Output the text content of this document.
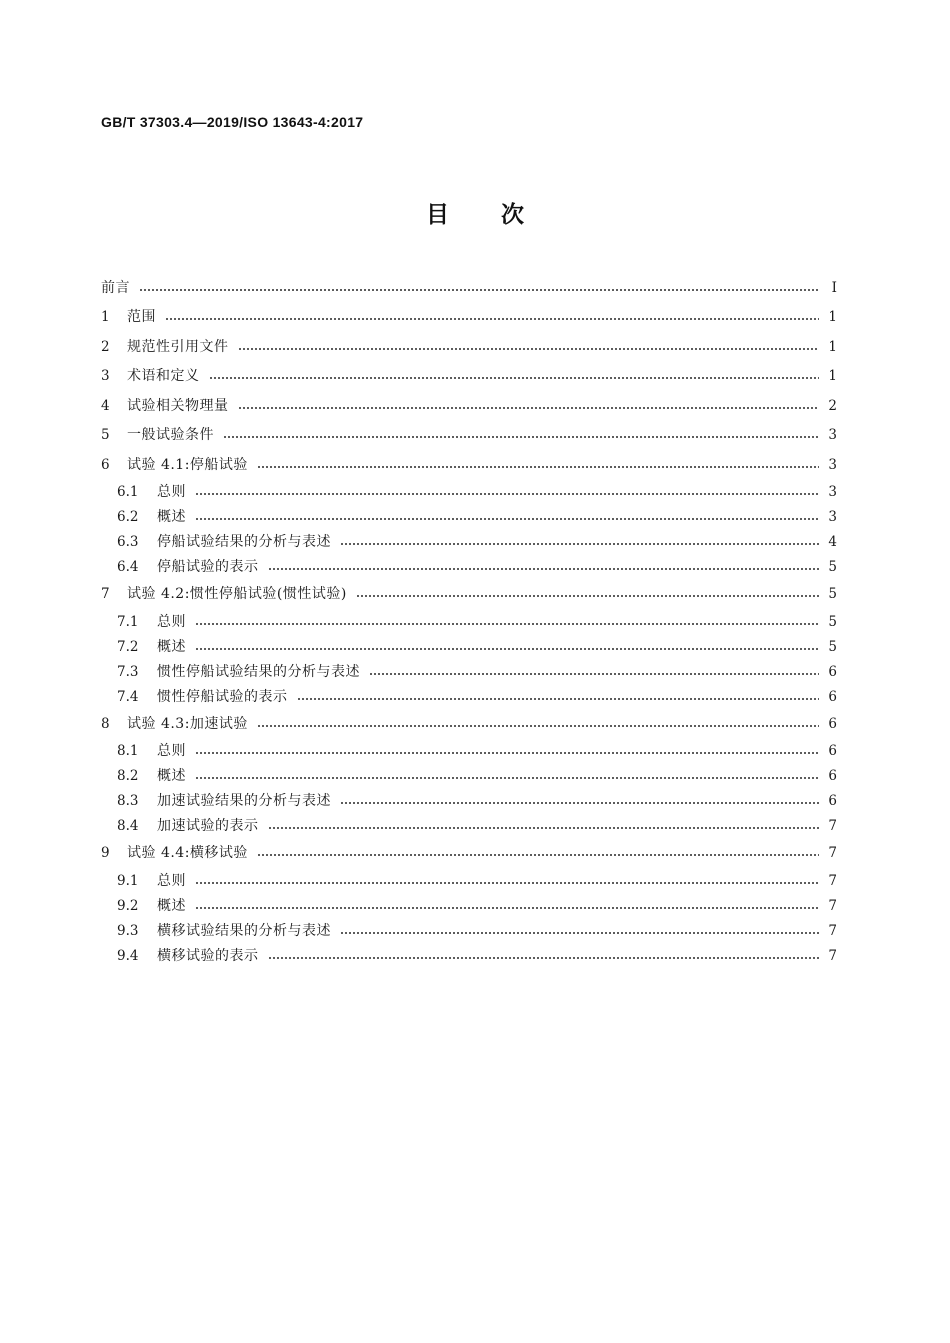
GB/T 37303.4—2019/ISO 13643-4:2017
目次
前言	Ⅰ
1	范围	1
2	规范性引用文件	1
3	术语和定义	1
4	试验相关物理量	2
5	一般试验条件	3
6	试验 4.1:停船试验	3
6.1	总则	3
6.2	概述	3
6.3	停船试验结果的分析与表述	4
6.4	停船试验的表示	5
7	试验 4.2:惯性停船试验(惯性试验)	5
7.1	总则	5
7.2	概述	5
7.3	惯性停船试验结果的分析与表述	6
7.4	惯性停船试验的表示	6
8	试验 4.3:加速试验	6
8.1	总则	6
8.2	概述	6
8.3	加速试验结果的分析与表述	6
8.4	加速试验的表示	7
9	试验 4.4:横移试验	7
9.1	总则	7
9.2	概述	7
9.3	横移试验结果的分析与表述	7
9.4	横移试验的表示	7
